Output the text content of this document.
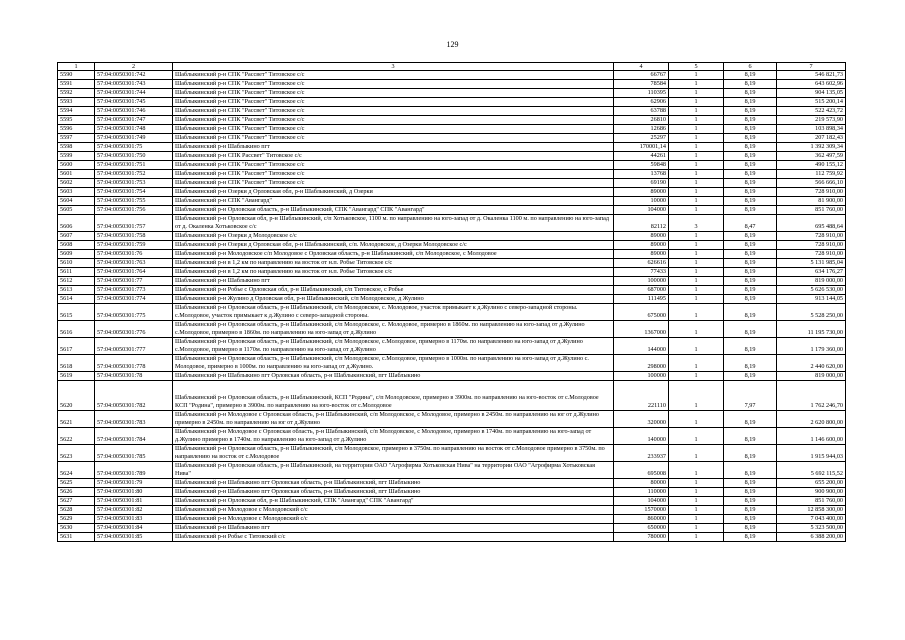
129
1	2	3	4	5	6	7
5590	57:04:0050301:742	Шаблыкинский р-н СПК "Рассвет" Титовское с/с	66767	1	8,19	546 821,73
5591	57:04:0050301:743	Шаблыкинский р-н СПК "Рассвет" Титовское с/с	78584	1	8,19	643 602,96
5592	57:04:0050301:744	Шаблыкинский р-н СПК "Рассвет" Титовское с/с	110395	1	8,19	904 135,05
5593	57:04:0050301:745	Шаблыкинский р-н СПК "Рассвет" Титовское с/с	62906	1	8,19	515 200,14
5594	57:04:0050301:746	Шаблыкинский р-н СПК "Рассвет" Титовское с/с	63788	1	8,19	522 423,72
5595	57:04:0050301:747	Шаблыкинский р-н СПК "Рассвет" Титовское с/с	26810	1	8,19	219 573,90
5596	57:04:0050301:748	Шаблыкинский р-н СПК "Рассвет" Титовское с/с	12686	1	8,19	103 898,34
5597	57:04:0050301:749	Шаблыкинский р-н СПК "Рассвет" Титовское с/с	25297	1	8,19	207 182,43
5598	57:04:0050301:75	Шаблыкинский р-н Шаблыкино пгт	170001,14	1	8,19	1 392 309,34
5599	57:04:0050301:750	Шаблыкинский р-н СПК Рассвет" Титовское с/с	44261	1	8,19	362 497,59
5600	57:04:0050301:751	Шаблыкинский р-н СПК "Рассвет" Титовское с/с	59848	1	8,19	490 155,12
5601	57:04:0050301:752	Шаблыкинский р-н СПК "Рассвет" Титовское с/с	13768	1	8,19	112 759,92
5602	57:04:0050301:753	Шаблыкинский р-н СПК "Рассвет" Титовское с/с	69190	1	8,19	566 666,10
5603	57:04:0050301:754	Шаблыкинский р-н Озерки д Орловская обл, р-н Шаблыкинский, д Озерки	89000	1	8,19	728 910,00
5604	57:04:0050301:755	Шаблыкинский р-н СПК "Авангард"	10000	1	8,19	81 900,00
5605	57:04:0050301:756	Шаблыкинский р-н Орловская область, р-н Шаблыкинский, СПК "Авангард" СПК "Авангард"	104000	1	8,19	851 760,00
5606	57:04:0050301:757	Шаблыкинский р-н Орловская обл, р-н Шаблыкинский, с/п Хотьковское, 1100 м. по направлению на юго-запад от д. Окаленка 1100 м. по направлению на юго-запад от д. Окаленка Хотьковское с/с	82112	3	8,47	695 488,64
5607	57:04:0050301:758	Шаблыкинский р-н Озерки д Молодовское с/с	89000	1	8,19	728 910,00
5608	57:04:0050301:759	Шаблыкинский р-н Озерки д Орловская обл, р-н Шаблыкинский, с/п. Молодовское, д Озерки Молодовское с/с	89000	1	8,19	728 910,00
5609	57:04:0050301:76	Шаблыкинский р-н Молодовское с/п Молодовое с Орловская область, р-н Шаблыкинский, с/п Молодовское, с Молодовое	89000	1	8,19	728 910,00
5610	57:04:0050301:763	Шаблыкинский р-н в 1,2 км по направлению на восток от н.п. Робье Титовское с/с	626616	1	8,19	5 131 985,04
5611	57:04:0050301:764	Шаблыкинский р-н в 1,2 км по направлению на восток от н.п. Робье Титовское с/с	77433	1	8,19	634 176,27
5612	57:04:0050301:77	Шаблыкинский р-н Шаблыкино пгт	100000	1	8,19	819 000,00
5613	57:04:0050301:773	Шаблыкинский р-н Робье с Орловская обл, р-н Шаблыкинский, с/п Титовское, с Робье	687000	1	8,19	5 626 530,00
5614	57:04:0050301:774	Шаблыкинский р-н Жулино д Орловская обл, р-н Шаблыкинский, с/п Молодовское, д Жулино	111495	1	8,19	913 144,05
5615	57:04:0050301:775	Шаблыкинский р-н Орловская область, р-н Шаблыкинский, с/п Молодовское, с. Молодовое, участок примыкает к д.Жулино с северо-западной стороны. с.Молодовое, участок примыкает к д.Жулино с северо-западной стороны.	675000	1	8,19	5 528 250,00
5616	57:04:0050301:776	Шаблыкинский р-н Орловская область, р-н Шаблыкинский, с/п Молодовское, с. Молодовое, примерно в 1860м. по направлению на юго-запад от д.Жулино с.Молодовое, примерно в 1860м. по направлению на юго-запад от д.Жулино	1367000	1	8,19	11 195 730,00
5617	57:04:0050301:777	Шаблыкинский р-н Орловская область, р-н Шаблыкинский, с/п Молодовское, с.Молодовое, примерно в 1170м. по направлению на юго-запад от д.Жулино с.Молодовое, примерно в 1170м. по направлению на юго-запад от д.Жулино	144000	1	8,19	1 179 360,00
5618	57:04:0050301:778	Шаблыкинский р-н Орловская область, р-н Шаблыкинский, с/п Молодовское, с.Молодовое, примерно в 1000м. по направлению на юго-запад от д.Жулино с. Молодовое, примерно в 1000м. по направлению на юго-запад от д.Жулино.	298000	1	8,19	2 440 620,00
5619	57:04:0050301:78	Шаблыкинский р-н Шаблыкино пгт Орловская область, р-н Шаблыкинский, пгт Шаблыкино	100000	1	8,19	819 000,00
5620	57:04:0050301:782	Шаблыкинский р-н Орловская область, р-н Шаблыкинский, КСП "Родина", с/п Молодовское, примерно в 3900м. по направлению на юго-восток от с.Молодовое КСП "Родина", примерно в 3900м. по направлению на юго-восток от с.Молодовое	221110	1	7,97	1 762 246,70
5621	57:04:0050301:783	Шаблыкинский р-н Молодовое с Орловская область, р-н Шаблыкинский, с/п Молодовское, с Молодовое, примерно в 2450м. по направлению на юг от д.Жулино примерно в 2450м. по направлению на юг от д.Жулино	320000	1	8,19	2 620 800,00
5622	57:04:0050301:784	Шаблыкинский р-н Молодовое с Орловская область, р-н Шаблыкинский, с/п Молодовское, с Молодовое, примерно в 1740м. по направлению на юго-запад от д.Жулино примерно в 1740м. по направлению на юго-запад от д.Жулино	140000	1	8,19	1 146 600,00
5623	57:04:0050301:785	Шаблыкинский р-н Орловская область, р-н Шаблыкинский, с/п Молодовское, примерно в 3750м. по направлению на восток от с.Молодовое примерно в 3750м. по направлению на восток от с.Молодовое	233937	1	8,19	1 915 944,03
5624	57:04:0050301:789	Шаблыкинский р-н Орловская область, р-н Шаблыкинский, на территории ОАО "Агрофирма Хотьковская Нива" на территории ОАО "Агрофирма Хотьковская Нива"	695008	1	8,19	5 692 115,52
5625	57:04:0050301:79	Шаблыкинский р-н Шаблыкино пгт Орловская область, р-н Шаблыкинский, пгт Шаблыкино	80000	1	8,19	655 200,00
5626	57:04:0050301:80	Шаблыкинский р-н Шаблыкино пгт Орловская область, р-н Шаблыкинский, пгт Шаблыкино	110000	1	8,19	900 900,00
5627	57:04:0050301:81	Шаблыкинский р-н Орловская обл, р-н Шаблыкинский, СПК "Авангард" СПК "Авангард"	104000	1	8,19	851 760,00
5628	57:04:0050301:82	Шаблыкинский р-н Молодовое с Молодовский с/с	1570000	1	8,19	12 858 300,00
5629	57:04:0050301:83	Шаблыкинский р-н Молодовое с Молодовский с/с	860000	1	8,19	7 043 400,00
5630	57:04:0050301:84	Шаблыкинский р-н Шаблыкино пгт	650000	1	8,19	5 323 500,00
5631	57:04:0050301:85	Шаблыкинский р-н Робье с Титовский с/с	780000	1	8,19	6 388 200,00
